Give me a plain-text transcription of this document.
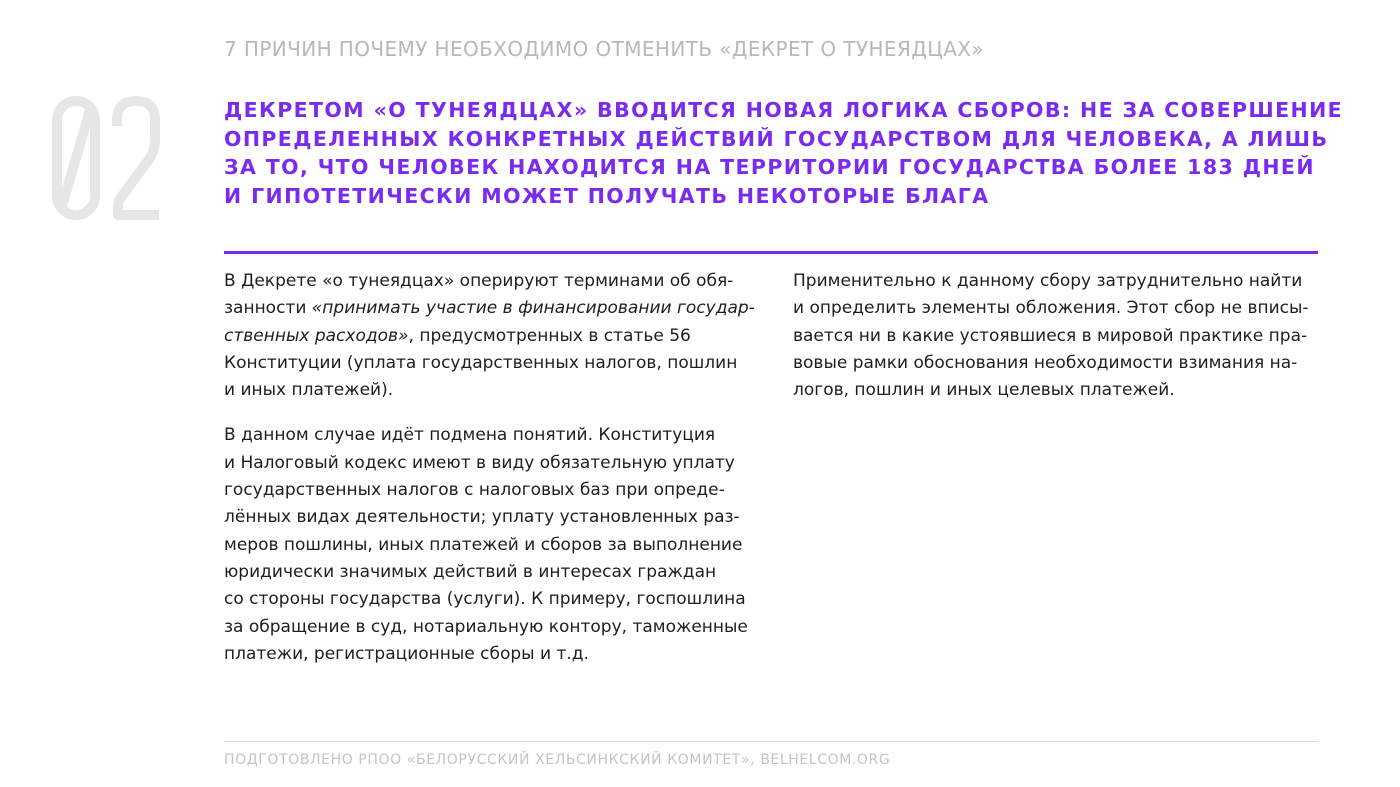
7 ПРИЧИН ПОЧЕМУ НЕОБХОДИМО ОТМЕНИТЬ «ДЕКРЕТ О ТУНЕЯДЦАХ»
02
ДЕКРЕТОМ «О ТУНЕЯДЦАХ» ВВОДИТСЯ НОВАЯ ЛОГИКА СБОРОВ: НЕ ЗА СОВЕРШЕНИЕ
ОПРЕДЕЛЕННЫХ КОНКРЕТНЫХ ДЕЙСТВИЙ ГОСУДАРСТВОМ ДЛЯ ЧЕЛОВЕКА, А ЛИШЬ
ЗА ТО, ЧТО ЧЕЛОВЕК НАХОДИТСЯ НА ТЕРРИТОРИИ ГОСУДАРСТВА БОЛЕЕ 183 ДНЕЙ
И ГИПОТЕТИЧЕСКИ МОЖЕТ ПОЛУЧАТЬ НЕКОТОРЫЕ БЛАГА

В Декрете «о тунеядцах» оперируют терминами об обя-
занности «принимать участие в финансировании государ-
ственных расходов», предусмотренных в статье 56
Конституции (уплата государственных налогов, пошлин
и иных платежей).

В данном случае идёт подмена понятий. Конституция
и Налоговый кодекс имеют в виду обязательную уплату
государственных налогов с налоговых баз при опреде-
лённых видах деятельности; уплату установленных раз-
меров пошлины, иных платежей и сборов за выполнение
юридически значимых действий в интересах граждан
со стороны государства (услуги). К примеру, госпошлина
за обращение в суд, нотариальную контору, таможенные
платежи, регистрационные сборы и т.д.

Применительно к данному сбору затруднительно найти
и определить элементы обложения. Этот сбор не вписы-
вается ни в какие устоявшиеся в мировой практике пра-
вовые рамки обоснования необходимости взимания на-
логов, пошлин и иных целевых платежей.

ПОДГОТОВЛЕНО РПОО «БЕЛОРУССКИЙ ХЕЛЬСИНКСКИЙ КОМИТЕТ», BELHELCOM.ORG
